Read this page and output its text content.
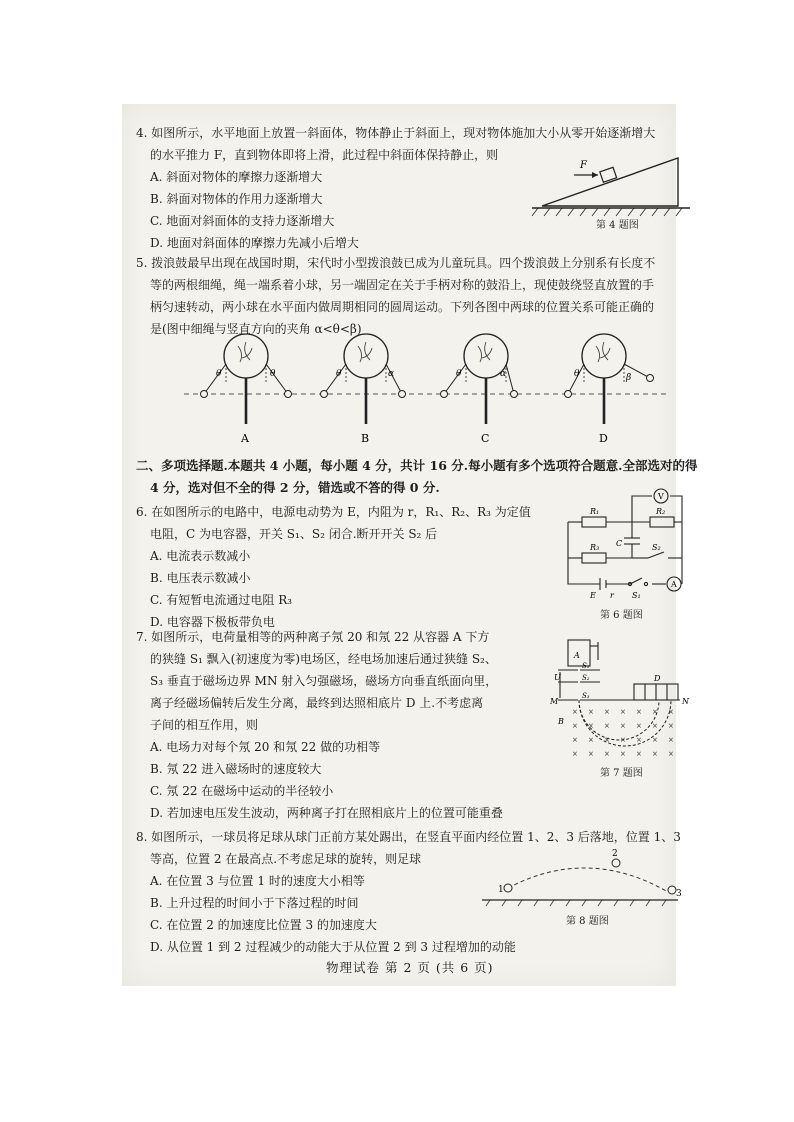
4. 如图所示，水平地面上放置一斜面体，物体静止于斜面上，现对物体施加大小从零开始逐渐增大
的水平推力 F，直到物体即将上滑，此过程中斜面体保持静止，则
A. 斜面对物体的摩擦力逐渐增大
B. 斜面对物体的作用力逐渐增大
C. 地面对斜面体的支持力逐渐增大
D. 地面对斜面体的摩擦力先减小后增大
F
第 4 题图
5. 拨浪鼓最早出现在战国时期，宋代时小型拨浪鼓已成为儿童玩具。四个拨浪鼓上分别系有长度不
等的两根细绳，绳一端系着小球，另一端固定在关于手柄对称的鼓沿上，现使鼓绕竖直放置的手
柄匀速转动，两小球在水平面内做周期相同的圆周运动。下列各图中两球的位置关系可能正确的
是(图中细绳与竖直方向的夹角 α<θ<β)
θ	θ
A
θ	α
B
θ	α
C
θ	β
D
二、多项选择题.本题共 4 小题，每小题 4 分，共计 16 分.每小题有多个选项符合题意.全部选对的得
4 分，选对但不全的得 2 分，错选或不答的得 0 分.
6. 在如图所示的电路中，电源电动势为 E，内阻为 r，R₁、R₂、R₃ 为定值
电阻，C 为电容器，开关 S₁、S₂ 闭合.断开开关 S₂ 后
A. 电流表示数减小
B. 电压表示数减小
C. 有短暂电流通过电阻 R₃
D. 电容器下极板带负电
R₁	R₂
R₃ C	S₂
S₁
E r
V
A
第 6 题图
7. 如图所示，电荷量相等的两种离子氖 20 和氖 22 从容器 A 下方
的狭缝 S₁ 飘入(初速度为零)电场区，经电场加速后通过狭缝 S₂、
S₃ 垂直于磁场边界 MN 射入匀强磁场，磁场方向垂直纸面向里，
离子经磁场偏转后发生分离，最终到达照相底片 D 上.不考虑离
子间的相互作用，则
A. 电场力对每个氖 20 和氖 22 做的功相等
B. 氖 22 进入磁场时的速度较大
C. 氖 22 在磁场中运动的半径较小
D. 若加速电压发生波动，两种离子打在照相底片上的位置可能重叠
× × × × × × ×
× × × × × × ×
× × × × × × ×
× × × × × × ×
A
U
S₁
S₂
S₃
M	N
D
B
第 7 题图
8. 如图所示，一球员将足球从球门正前方某处踢出，在竖直平面内经位置 1、2、3 后落地，位置 1、3
等高，位置 2 在最高点.不考虑足球的旋转，则足球
A. 在位置 3 与位置 1 时的速度大小相等
B. 上升过程的时间小于下落过程的时间
C. 在位置 2 的加速度比位置 3 的加速度大
D. 从位置 1 到 2 过程减少的动能大于从位置 2 到 3 过程增加的动能
1
2
3
第 8 题图
物理试卷 第 2 页 (共 6 页)
